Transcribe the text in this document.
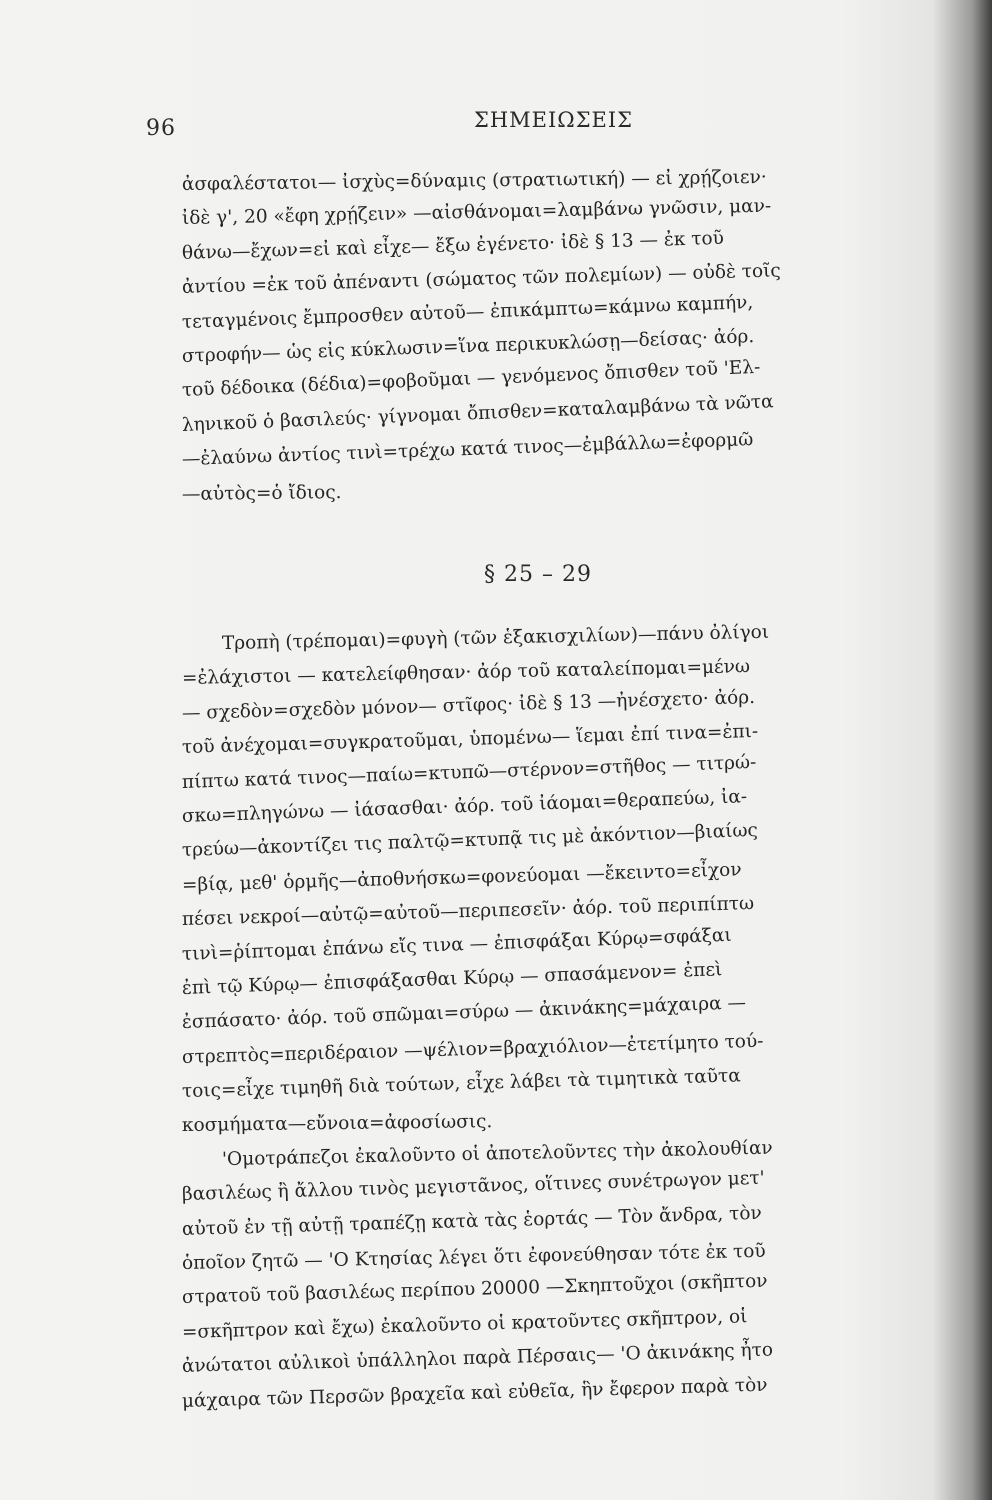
96	ΣΗΜΕΙΩΣΕΙΣ
ἀσφαλέστατοι— ἰσχὺς=δύναμις (στρατιωτική) — εἰ χρῄζοιεν·
ἰδὲ γ', 20 «ἔφη χρῄζειν» —αἰσθάνομαι=λαμβάνω γνῶσιν, μαν-
θάνω—ἔχων=εἰ καὶ εἶχε— ἔξω ἐγένετο· ἰδὲ § 13 — ἐκ τοῦ
ἀντίου =ἐκ τοῦ ἀπέναντι (σώματος τῶν πολεμίων) — οὐδὲ τοῖς
τεταγμένοις ἔμπροσθεν αὐτοῦ— ἐπικάμπτω=κάμνω καμπήν,
στροφήν— ὡς εἰς κύκλωσιν=ἵνα περικυκλώσῃ—δείσας· ἀόρ.
τοῦ δέδοικα (δέδια)=φοβοῦμαι — γενόμενος ὄπισθεν τοῦ 'Ελ-
ληνικοῦ ὁ βασιλεύς· γίγνομαι ὄπισθεν=καταλαμβάνω τὰ νῶτα
—ἐλαύνω ἀντίος τινὶ=τρέχω κατά τινος—ἐμβάλλω=ἐφορμῶ
—αὐτὸς=ὁ ἴδιος.
§ 25 – 29
Τροπὴ (τρέπομαι)=φυγὴ (τῶν ἑξακισχιλίων)—πάνυ ὀλίγοι
=ἐλάχιστοι — κατελείφθησαν· ἀόρ τοῦ καταλείπομαι=μένω
— σχεδὸν=σχεδὸν μόνον— στῖφος· ἰδὲ § 13 —ἠνέσχετο· ἀόρ.
τοῦ ἀνέχομαι=συγκρατοῦμαι, ὑπομένω— ἵεμαι ἐπί τινα=ἐπι-
πίπτω κατά τινος—παίω=κτυπῶ—στέρνον=στῆθος — τιτρώ-
σκω=πληγώνω — ἰάσασθαι· ἀόρ. τοῦ ἰάομαι=θεραπεύω, ἰα-
τρεύω—ἀκοντίζει τις παλτῷ=κτυπᾷ τις μὲ ἀκόντιον—βιαίως
=βίᾳ, μεθ' ὁρμῆς—ἀποθνήσκω=φονεύομαι —ἔκειντο=εἶχον
πέσει νεκροί—αὐτῷ=αὐτοῦ—περιπεσεῖν· ἀόρ. τοῦ περιπίπτω
τινὶ=ῥίπτομαι ἐπάνω εἴς τινα — ἐπισφάξαι Κύρῳ=σφάξαι
ἐπὶ τῷ Κύρῳ— ἐπισφάξασθαι Κύρῳ — σπασάμενον= ἐπεὶ
ἐσπάσατο· ἀόρ. τοῦ σπῶμαι=σύρω — ἀκινάκης=μάχαιρα —
στρεπτὸς=περιδέραιον —ψέλιον=βραχιόλιον—ἐτετίμητο τού-
τοις=εἶχε τιμηθῆ διὰ τούτων, εἶχε λάβει τὰ τιμητικὰ ταῦτα
κοσμήματα—εὔνοια=ἀφοσίωσις.
'Ομοτράπεζοι ἐκαλοῦντο οἱ ἀποτελοῦντες τὴν ἀκολουθίαν
βασιλέως ἢ ἄλλου τινὸς μεγιστᾶνος, οἵτινες συνέτρωγον μετ'
αὐτοῦ ἐν τῇ αὐτῇ τραπέζῃ κατὰ τὰς ἑορτάς — Τὸν ἄνδρα, τὸν
ὁποῖον ζητῶ — 'Ο Κτησίας λέγει ὅτι ἐφονεύθησαν τότε ἐκ τοῦ
στρατοῦ τοῦ βασιλέως περίπου 20000 —Σκηπτοῦχοι (σκῆπτον
=σκῆπτρον καὶ ἔχω) ἐκαλοῦντο οἱ κρατοῦντες σκῆπτρον, οἱ
ἀνώτατοι αὐλικοὶ ὑπάλληλοι παρὰ Πέρσαις— 'Ο ἀκινάκης ἦτο
μάχαιρα τῶν Περσῶν βραχεῖα καὶ εὐθεῖα, ἣν ἔφερον παρὰ τὸν
